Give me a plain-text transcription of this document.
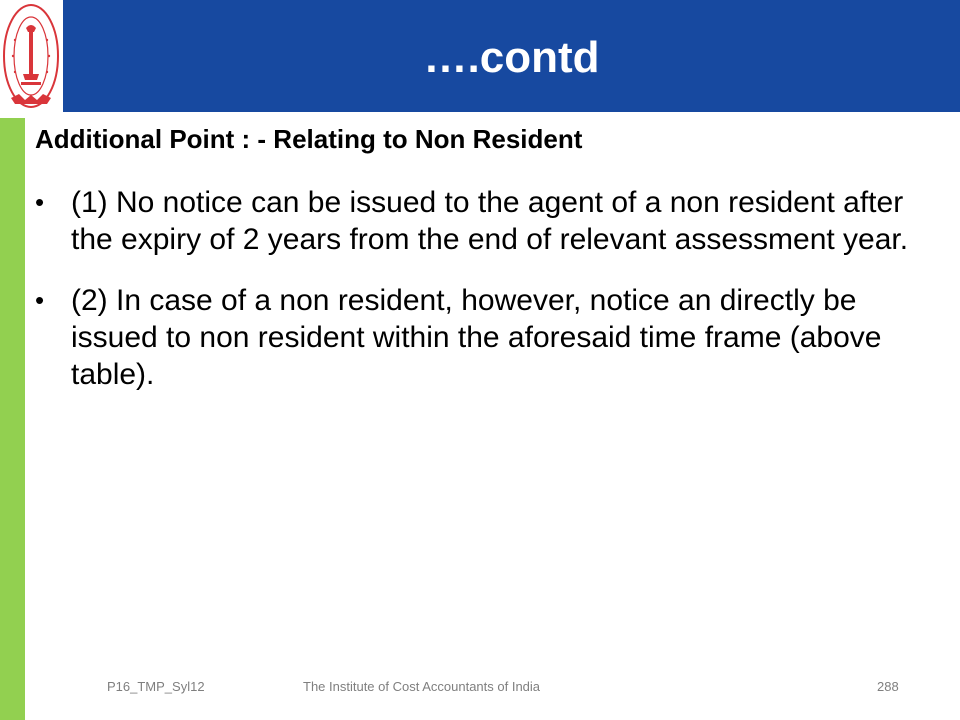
….contd
Additional Point : - Relating to Non Resident
• (1) No notice can be issued to the agent of a non resident after the expiry of 2 years from the end of relevant assessment year.
• (2) In case of a non resident, however, notice an directly be issued to non resident within the aforesaid time frame (above table).
P16_TMP_Syl12	The Institute of Cost Accountants of India	288
